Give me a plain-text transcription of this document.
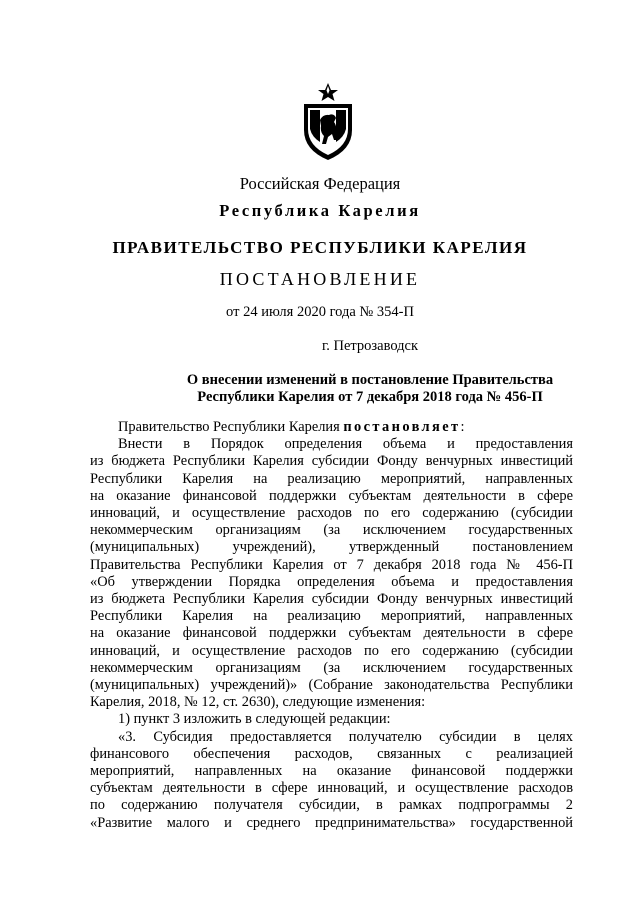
Российская Федерация
Республика Карелия
ПРАВИТЕЛЬСТВО РЕСПУБЛИКИ КАРЕЛИЯ
ПОСТАНОВЛЕНИЕ
от 24 июля 2020 года № 354-П
г. Петрозаводск
О внесении изменений в постановление Правительства
Республики Карелия от 7 декабря 2018 года № 456-П

Правительство Республики Карелия постановляет:

Внести в Порядок определения объема и предоставления
из бюджета Республики Карелия субсидии Фонду венчурных инвестиций
Республики Карелия на реализацию мероприятий, направленных
на оказание финансовой поддержки субъектам деятельности в сфере
инноваций, и осуществление расходов по его содержанию (субсидии
некоммерческим организациям (за исключением государственных
(муниципальных) учреждений), утвержденный постановлением
Правительства Республики Карелия от 7 декабря 2018 года № 456-П
«Об утверждении Порядка определения объема и предоставления
из бюджета Республики Карелия субсидии Фонду венчурных инвестиций
Республики Карелия на реализацию мероприятий, направленных
на оказание финансовой поддержки субъектам деятельности в сфере
инноваций, и осуществление расходов по его содержанию (субсидии
некоммерческим организациям (за исключением государственных
(муниципальных) учреждений)» (Собрание законодательства Республики
Карелия, 2018, № 12, ст. 2630), следующие изменения:

1) пункт 3 изложить в следующей редакции:

«3. Субсидия предоставляется получателю субсидии в целях
финансового обеспечения расходов, связанных с реализацией
мероприятий, направленных на оказание финансовой поддержки
субъектам деятельности в сфере инноваций, и осуществление расходов
по содержанию получателя субсидии, в рамках подпрограммы 2
«Развитие малого и среднего предпринимательства» государственной
